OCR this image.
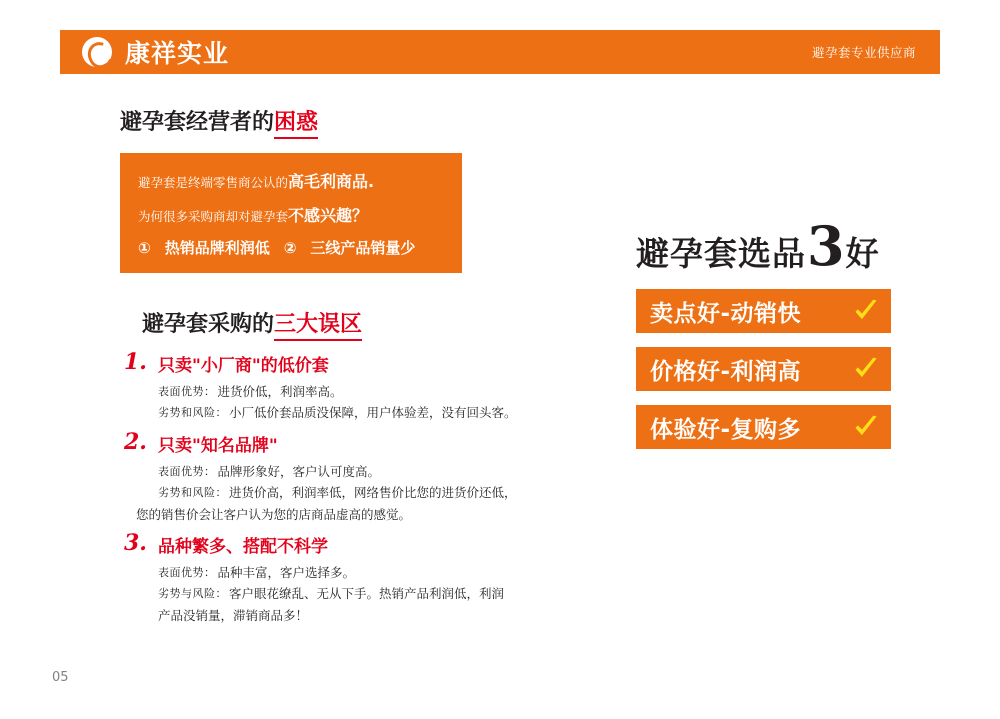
康祥实业	避孕套专业供应商
避孕套经营者的 困惑
避孕套是终端零售商公认的 高毛利商品.
为何很多采购商却对避孕套 不感兴趣？
① 热销品牌利润低 ② 三线产品销量少
避孕套采购的 三大误区
1. 只卖"小厂商"的低价套
表面优势： 进货价低，利润率高。
劣势和风险： 小厂低价套品质没保障，用户体验差，没有回头客。
2. 只卖"知名品牌"
表面优势： 品牌形象好，客户认可度高。
劣势和风险： 进货价高，利润率低，网络售价比您的进货价还低，
您的销售价会让客户认为您的店商品虚高的感觉。
3. 品种繁多、搭配不科学
表面优势： 品种丰富，客户选择多。
劣势与风险： 客户眼花缭乱、无从下手。热销产品利润低，利润
产品没销量，滞销商品多！
避孕套选品 3 好
卖点好-动销快
价格好-利润高
体验好-复购多
05
